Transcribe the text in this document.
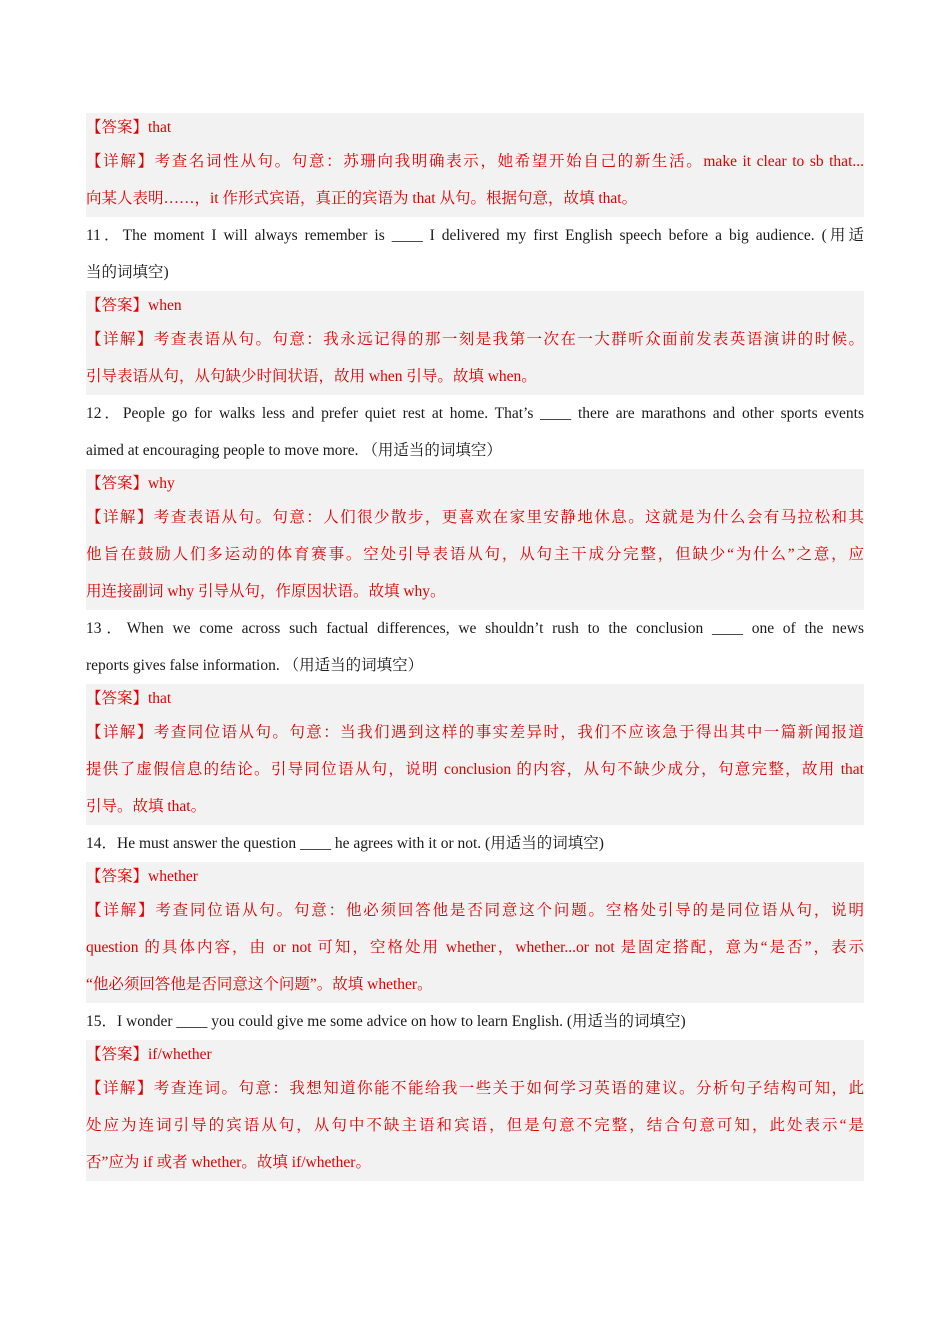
【答案】that
【详解】考查名词性从句。句意：苏珊向我明确表示，她希望开始自己的新生活。make it clear to sb that...
向某人表明……，it 作形式宾语，真正的宾语为 that 从句。根据句意，故填 that。
11．The moment I will always remember is ____ I delivered my first English speech before a big audience. (用适
当的词填空)
【答案】when
【详解】考查表语从句。句意：我永远记得的那一刻是我第一次在一大群听众面前发表英语演讲的时候。
引导表语从句，从句缺少时间状语，故用 when 引导。故填 when。
12．People go for walks less and prefer quiet rest at home. That’s ____ there are marathons and other sports events
aimed at encouraging people to move more. （用适当的词填空）
【答案】why
【详解】考查表语从句。句意：人们很少散步，更喜欢在家里安静地休息。这就是为什么会有马拉松和其
他旨在鼓励人们多运动的体育赛事。空处引导表语从句，从句主干成分完整，但缺少“为什么”之意，应
用连接副词 why 引导从句，作原因状语。故填 why。
13．When we come across such factual differences, we shouldn’t rush to the conclusion ____ one of the news
reports gives false information. （用适当的词填空）
【答案】that
【详解】考查同位语从句。句意：当我们遇到这样的事实差异时，我们不应该急于得出其中一篇新闻报道
提供了虚假信息的结论。引导同位语从句，说明 conclusion 的内容，从句不缺少成分，句意完整，故用 that
引导。故填 that。
14．He must answer the question ____ he agrees with it or not. (用适当的词填空)
【答案】whether
【详解】考查同位语从句。句意：他必须回答他是否同意这个问题。空格处引导的是同位语从句，说明
question 的具体内容，由 or not 可知，空格处用 whether，whether...or not 是固定搭配，意为“是否”，表示
“他必须回答他是否同意这个问题”。故填 whether。
15．I wonder ____ you could give me some advice on how to learn English. (用适当的词填空)
【答案】if/whether
【详解】考查连词。句意：我想知道你能不能给我一些关于如何学习英语的建议。分析句子结构可知，此
处应为连词引导的宾语从句，从句中不缺主语和宾语，但是句意不完整，结合句意可知，此处表示“是
否”应为 if 或者 whether。故填 if/whether。
